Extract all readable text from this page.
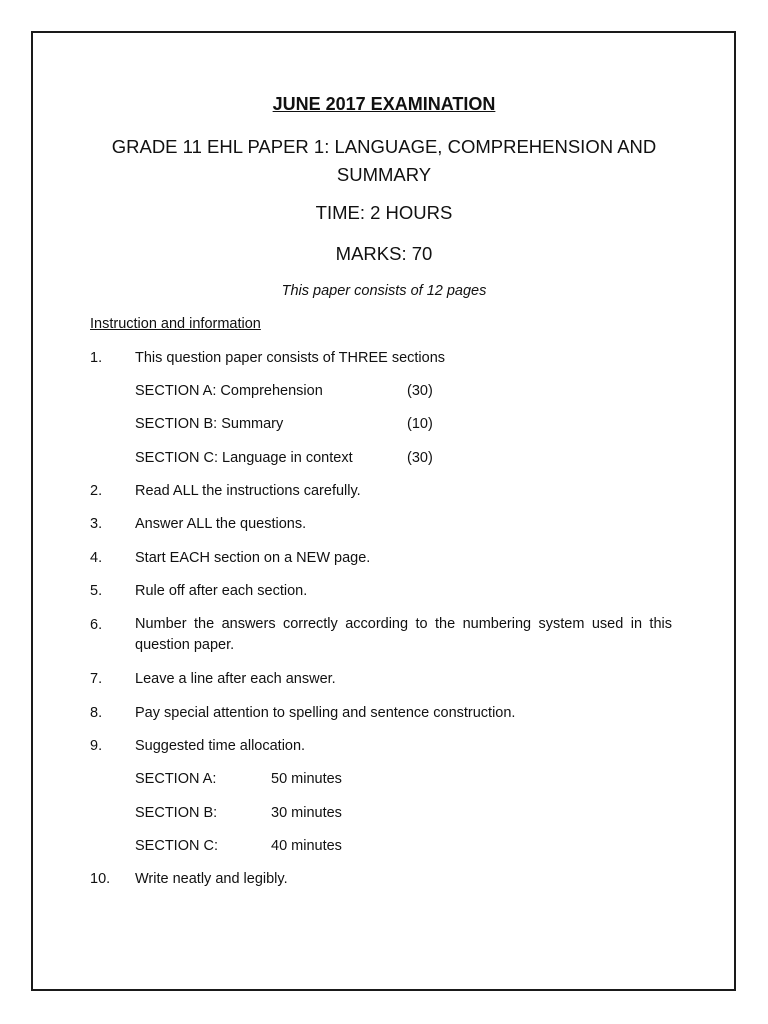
JUNE 2017 EXAMINATION
GRADE 11 EHL PAPER 1: LANGUAGE, COMPREHENSION AND SUMMARY
TIME: 2 HOURS
MARKS: 70
This paper consists of 12 pages
Instruction and information
1. This question paper consists of THREE sections
SECTION A: Comprehension	(30)
SECTION B: Summary	(10)
SECTION C: Language in context	(30)
2. Read ALL the instructions carefully.
3. Answer ALL the questions.
4. Start EACH section on a NEW page.
5. Rule off after each section.
6. Number the answers correctly according to the numbering system used in this question paper.
7. Leave a line after each answer.
8. Pay special attention to spelling and sentence construction.
9. Suggested time allocation.
SECTION A:	50 minutes
SECTION B:	30 minutes
SECTION C:	40 minutes
10. Write neatly and legibly.
